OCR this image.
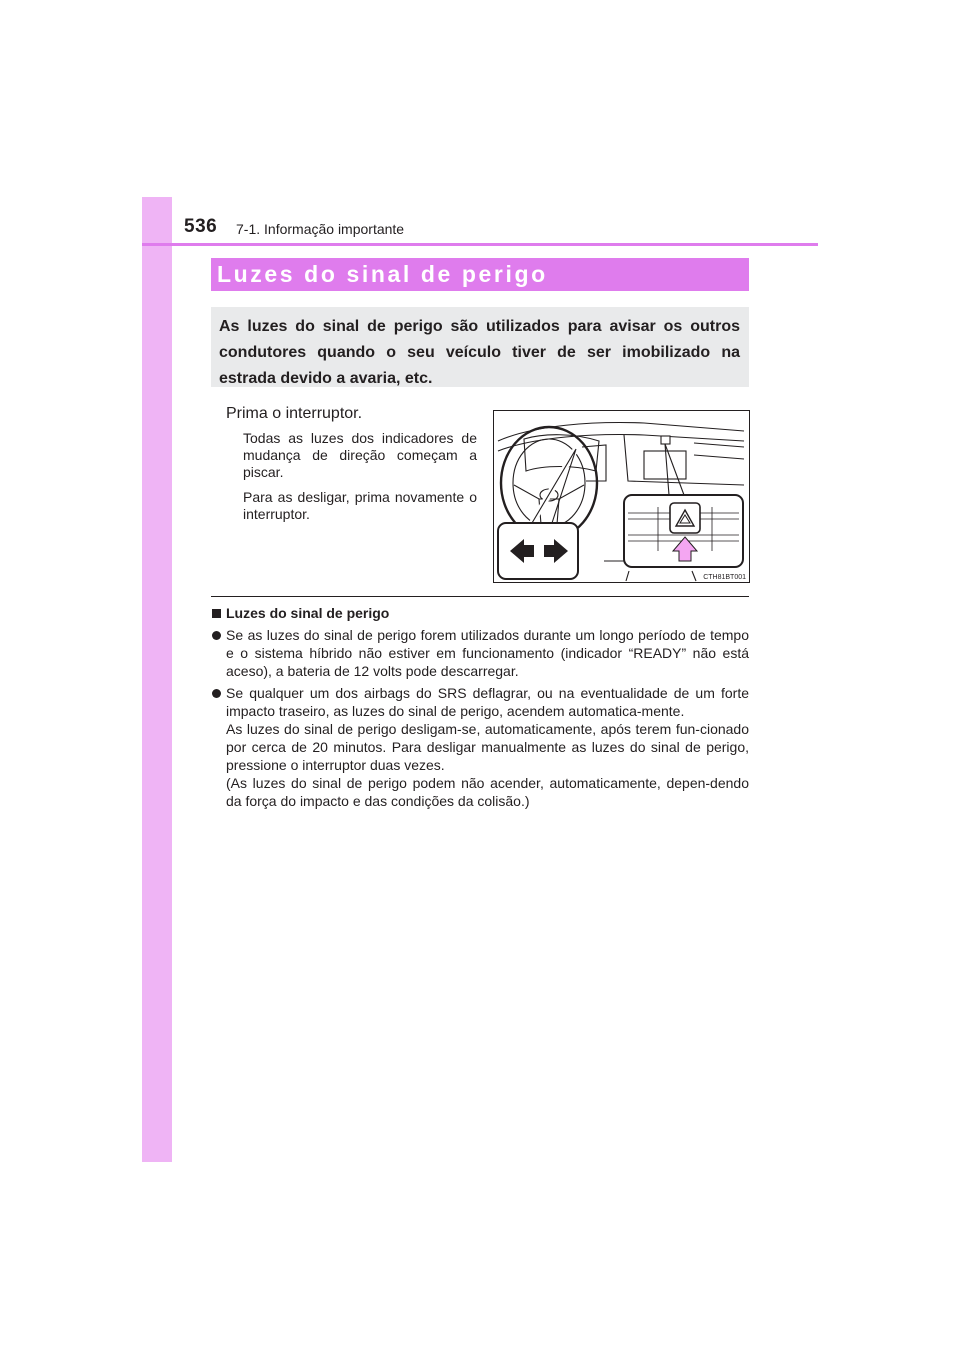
536 7-1. Informação importante
Luzes do sinal de perigo
As luzes do sinal de perigo são utilizados para avisar os outros condutores quando o seu veículo tiver de ser imobilizado na estrada devido a avaria, etc.
Prima o interruptor.

Todas as luzes dos indicadores de mudança de direção começam a piscar.

Para as desligar, prima novamente o interruptor.

CTH81BT001
Luzes do sinal de perigo
Se as luzes do sinal de perigo forem utilizados durante um longo período de tempo e o sistema híbrido não estiver em funcionamento (indicador “READY” não está aceso), a bateria de 12 volts pode descarregar.
Se qualquer um dos airbags do SRS deflagrar, ou na eventualidade de um forte impacto traseiro, as luzes do sinal de perigo, acendem automatica-mente.
As luzes do sinal de perigo desligam-se, automaticamente, após terem fun-cionado por cerca de 20 minutos. Para desligar manualmente as luzes do sinal de perigo, pressione o interruptor duas vezes.
(As luzes do sinal de perigo podem não acender, automaticamente, depen-dendo da força do impacto e das condições da colisão.)
